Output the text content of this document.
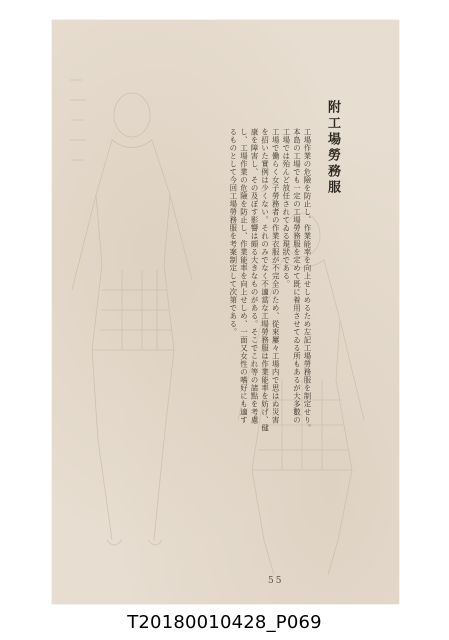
附工場勞務服

工場作業の危險を防止し、作業能率を向上せしめるため左記工場勞務服を制定せり。

本島の工場でも一定の工場勞務服を定めて既に着用させてゐる所もあるが大多數の

工場では殆んど放任されてゐる現狀である。

工場で働らく女子勞務者の作業衣服が不完全のため、從來屢々工場内で思はぬ災害

を招いた實例は少くない。それのみでなく不適當な工場勞務服は作業能率を妨げ、健

康を障害し、その及ぼす影響は頗る大きなものがある。そこでこれ等の諸點を考慮

し、工場作業の危險を防止し、作業能率を向上せしめ、一面又女性の嗜好にも適す

るものとして今回工場勞務服を考案制定して次第である。

55

T20180010428_P069
